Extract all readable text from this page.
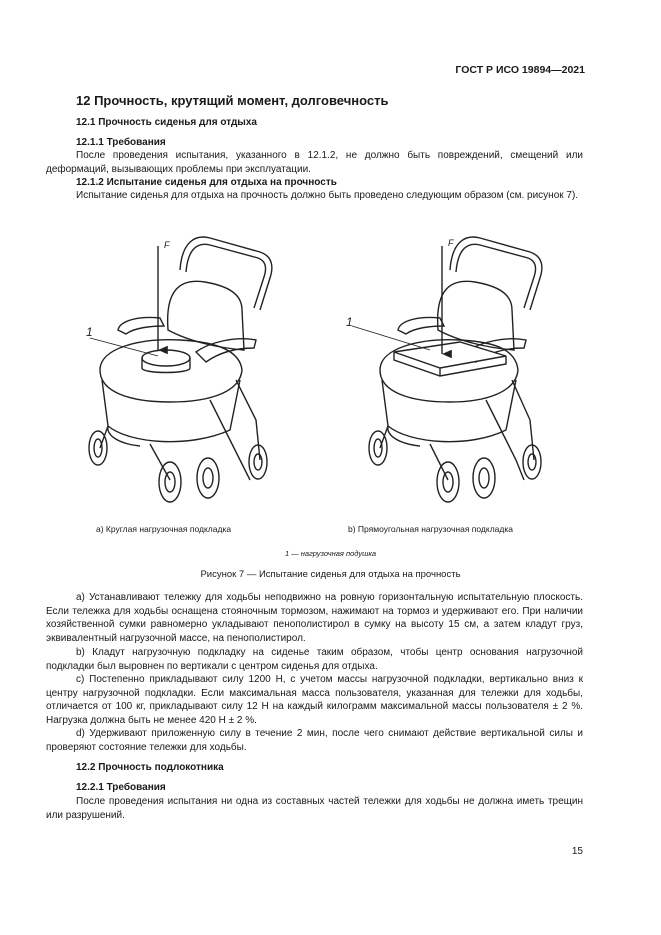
ГОСТ Р ИСО 19894—2021
12 Прочность, крутящий момент, долговечность
12.1 Прочность сиденья для отдыха
12.1.1 Требования
После проведения испытания, указанного в 12.1.2, не должно быть повреждений, смещений или деформаций, вызывающих проблемы при эксплуатации.
12.1.2 Испытание сиденья для отдыха на прочность
Испытание сиденья для отдыха на прочность должно быть проведено следующим образом (см. рисунок 7).
F
1
F
1
а) Круглая нагрузочная подкладка	b) Прямоугольная нагрузочная подкладка
1 — нагрузочная подушка
Рисунок 7 — Испытание сиденья для отдыха на прочность
а) Устанавливают тележку для ходьбы неподвижно на ровную горизонтальную испытательную плоскость. Если тележка для ходьбы оснащена стояночным тормозом, нажимают на тормоз и удерживают его. При наличии хозяйственной сумки равномерно укладывают пенополистирол в сумку на высоту 15 см, а затем кладут груз, эквивалентный нагрузочной массе, на пенополистирол.
b) Кладут нагрузочную подкладку на сиденье таким образом, чтобы центр основания нагрузочной подкладки был выровнен по вертикали с центром сиденья для отдыха.
с) Постепенно прикладывают силу 1200 Н, с учетом массы нагрузочной подкладки, вертикально вниз к центру нагрузочной подкладки. Если максимальная масса пользователя, указанная для тележки для ходьбы, отличается от 100 кг, прикладывают силу 12 Н на каждый килограмм максимальной массы пользователя ± 2 %. Нагрузка должна быть не менее 420 Н ± 2 %.
d) Удерживают приложенную силу в течение 2 мин, после чего снимают действие вертикальной силы и проверяют состояние тележки для ходьбы.
12.2 Прочность подлокотника
12.2.1 Требования
После проведения испытания ни одна из составных частей тележки для ходьбы не должна иметь трещин или разрушений.
15
